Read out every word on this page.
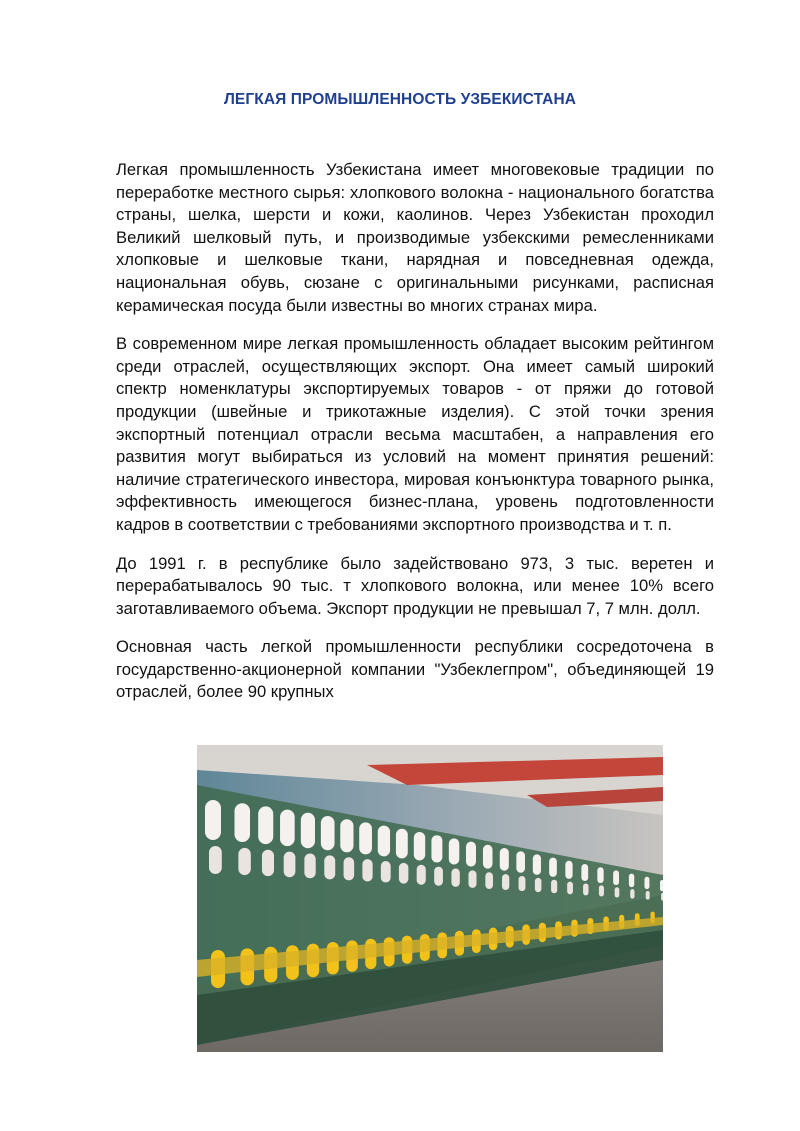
ЛЕГКАЯ ПРОМЫШЛЕННОСТЬ УЗБЕКИСТАНА

Легкая промышленность Узбекистана имеет многовековые традиции по переработке местного сырья: хлопкового волокна - национального богатства страны, шелка, шерсти и кожи, каолинов. Через Узбекистан проходил Великий шелковый путь, и производимые узбекскими ремесленниками хлопковые и шелковые ткани, нарядная и повседневная одежда, национальная обувь, сюзане с оригинальными рисунками, расписная керамическая посуда были известны во многих странах мира.

В современном мире легкая промышленность обладает высоким рейтингом среди отраслей, осуществляющих экспорт. Она имеет самый широкий спектр номенклатуры экспортируемых товаров - от пряжи до готовой продукции (швейные и трикотажные изделия). С этой точки зрения экспортный потенциал отрасли весьма масштабен, а направления его развития могут выбираться из условий на момент принятия решений: наличие стратегического инвестора, мировая конъюнктура товарного рынка, эффективность имеющегося бизнес-плана, уровень подготовленности кадров в соответствии с требованиями экспортного производства и т. п.

До 1991 г. в республике было задействовано 973, 3 тыс. веретен и перерабатывалось 90 тыс. т хлопкового волокна, или менее 10% всего заготавливаемого объема. Экспорт продукции не превышал 7, 7 млн. долл.

Основная часть легкой промышленности республики сосредоточена в государственно-акционерной компании "Узбеклегпром", объединяющей 19 отраслей, более 90 крупных
